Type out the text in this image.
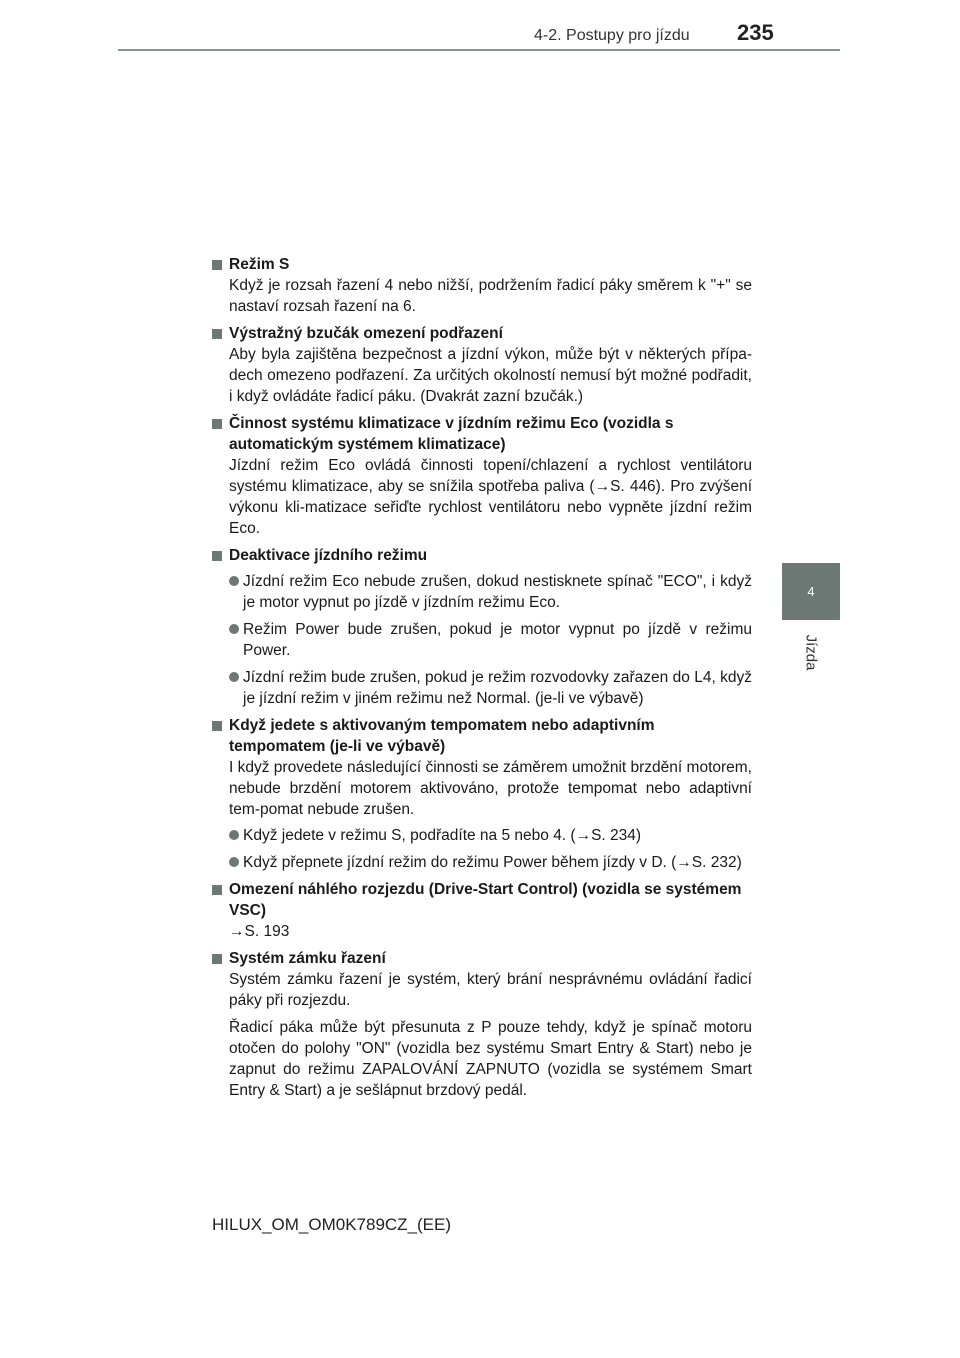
4-2. Postupy pro jízdu 235
4
Jízda
Režim S
Když je rozsah řazení 4 nebo nižší, podržením řadicí páky směrem k "+" se nastaví rozsah řazení na 6.
Výstražný bzučák omezení podřazení
Aby byla zajištěna bezpečnost a jízdní výkon, může být v některých přípa-dech omezeno podřazení. Za určitých okolností nemusí být možné podřadit, i když ovládáte řadicí páku. (Dvakrát zazní bzučák.)
Činnost systému klimatizace v jízdním režimu Eco (vozidla s automatickým systémem klimatizace)
Jízdní režim Eco ovládá činnosti topení/chlazení a rychlost ventilátoru systému klimatizace, aby se snížila spotřeba paliva (→S. 446). Pro zvýšení výkonu kli-matizace seřiďte rychlost ventilátoru nebo vypněte jízdní režim Eco.
Deaktivace jízdního režimu
Jízdní režim Eco nebude zrušen, dokud nestisknete spínač "ECO", i když je motor vypnut po jízdě v jízdním režimu Eco.
Režim Power bude zrušen, pokud je motor vypnut po jízdě v režimu Power.
Jízdní režim bude zrušen, pokud je režim rozvodovky zařazen do L4, když je jízdní režim v jiném režimu než Normal. (je-li ve výbavě)
Když jedete s aktivovaným tempomatem nebo adaptivním tempomatem (je-li ve výbavě)
I když provedete následující činnosti se záměrem umožnit brzdění motorem, nebude brzdění motorem aktivováno, protože tempomat nebo adaptivní tem-pomat nebude zrušen.
Když jedete v režimu S, podřadíte na 5 nebo 4. (→S. 234)
Když přepnete jízdní režim do režimu Power během jízdy v D. (→S. 232)
Omezení náhlého rozjezdu (Drive-Start Control) (vozidla se systémem VSC)
→S. 193
Systém zámku řazení
Systém zámku řazení je systém, který brání nesprávnému ovládání řadicí páky při rozjezdu.
Řadicí páka může být přesunuta z P pouze tehdy, když je spínač motoru otočen do polohy "ON" (vozidla bez systému Smart Entry & Start) nebo je zapnut do režimu ZAPALOVÁNÍ ZAPNUTO (vozidla se systémem Smart Entry & Start) a je sešlápnut brzdový pedál.
HILUX_OM_OM0K789CZ_(EE)
